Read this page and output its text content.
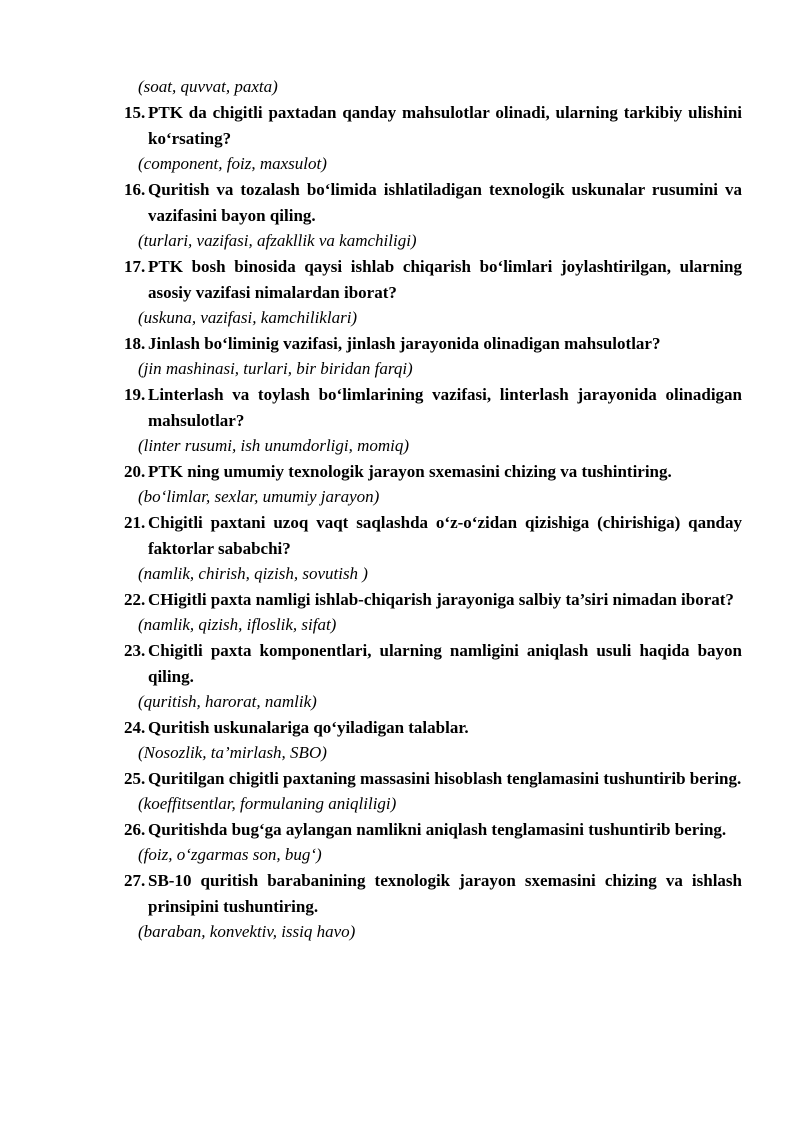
(soat, quvvat, paxta)
15. PTK da chigitli paxtadan qanday mahsulotlar olinadi, ularning tarkibiy ulishini ko‘rsating?
(component, foiz, maxsulot)
16. Quritish va tozalash bo‘limida ishlatiladigan texnologik uskunalar rusumini va vazifasini bayon qiling.
(turlari, vazifasi, afzakllik va kamchiligi)
17. PTK bosh binosida qaysi ishlab chiqarish bo‘limlari joylashtirilgan, ularning asosiy vazifasi nimalardan iborat?
(uskuna, vazifasi, kamchiliklari)
18. Jinlash bo‘liminig vazifasi, jinlash jarayonida olinadigan mahsulotlar?
(jin mashinasi, turlari, bir biridan farqi)
19. Linterlash va toylash bo‘limlarining vazifasi, linterlash jarayonida olinadigan mahsulotlar?
(linter rusumi, ish unumdorligi, momiq)
20. PTK ning umumiy texnologik jarayon sxemasini chizing va tushintiring.
(bo‘limlar, sexlar, umumiy jarayon)
21. Chigitli paxtani uzoq vaqt saqlashda o‘z-o‘zidan qizishiga (chirishiga) qanday faktorlar sababchi?
(namlik, chirish, qizish, sovutish )
22. CHigitli paxta namligi ishlab-chiqarish jarayoniga salbiy ta’siri nimadan iborat?
(namlik, qizish, ifloslik, sifat)
23. Chigitli paxta komponentlari, ularning namligini aniqlash usuli haqida bayon qiling.
(quritish, harorat, namlik)
24. Quritish uskunalariga qo‘yiladigan talablar.
(Nosozlik, ta’mirlash, SBO)
25. Quritilgan chigitli paxtaning massasini hisoblash tenglamasini tushuntirib bering.
(koeffitsentlar, formulaning aniqliligi)
26. Quritishda bug‘ga aylangan namlikni aniqlash tenglamasini tushuntirib bering.
(foiz, o‘zgarmas son, bug‘)
27. SB-10 quritish barabanining texnologik jarayon sxemasini chizing va ishlash prinsipini tushuntiring.
(baraban, konvektiv, issiq havo)
